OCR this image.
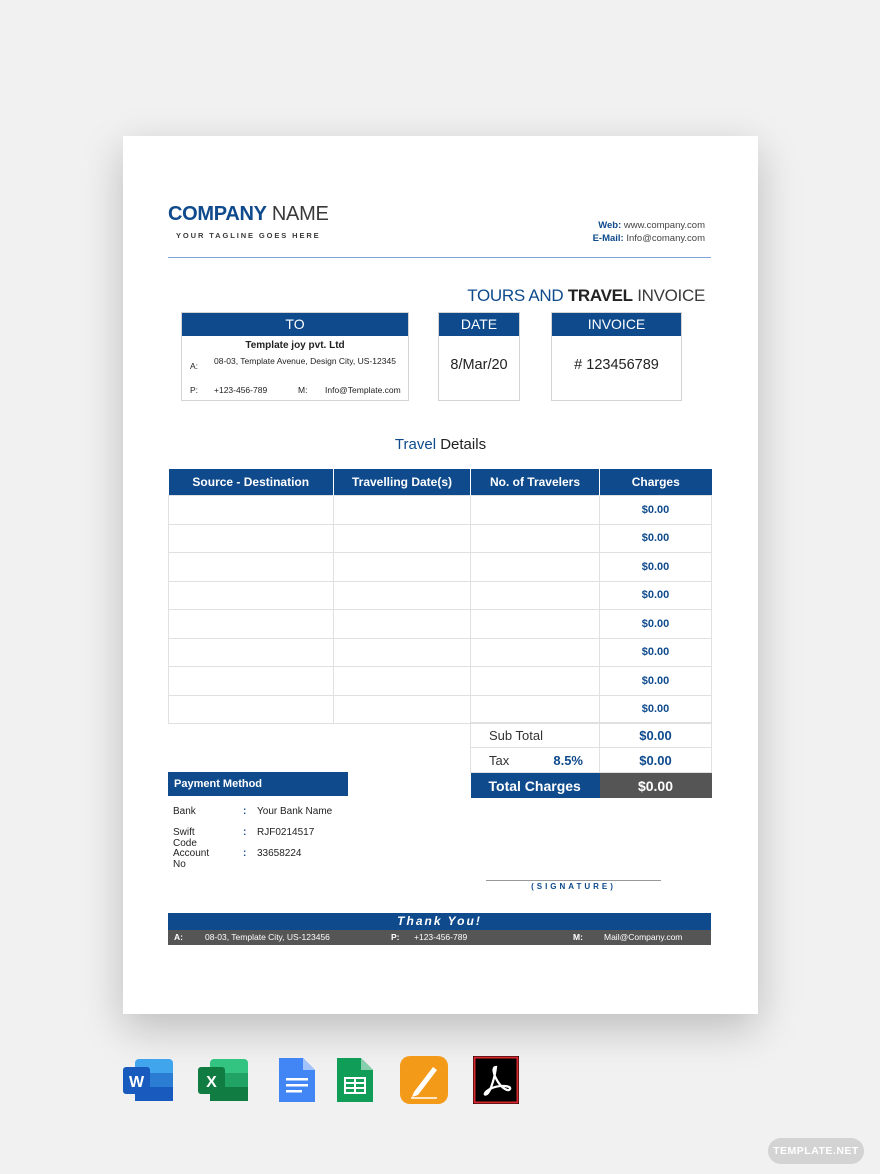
COMPANY NAME
YOUR TAGLINE GOES HERE
Web: www.company.com
E-Mail: Info@comany.com
TOURS AND TRAVEL INVOICE
TO
Template joy pvt. Ltd
A: 08-03, Template Avenue, Design City, US-12345
P: +123-456-789	M: Info@Template.com
DATE
8/Mar/20
INVOICE
# 123456789
Travel Details
Source - Destination	Travelling Date(s)	No. of Travelers	Charges
			$0.00
			$0.00
			$0.00
			$0.00
			$0.00
			$0.00
			$0.00
			$0.00
Sub Total	$0.00
Tax 8.5%	$0.00
Total Charges	$0.00
Payment Method
Bank	: Your Bank Name
Swift Code
: RJF0214517
Account No
: 33658224
(SIGNATURE)
Thank You!
A:	08-03, Template City, US-123456	P: +123-456-789	M: Mail@Company.com
W	X
TEMPLATE.NET
